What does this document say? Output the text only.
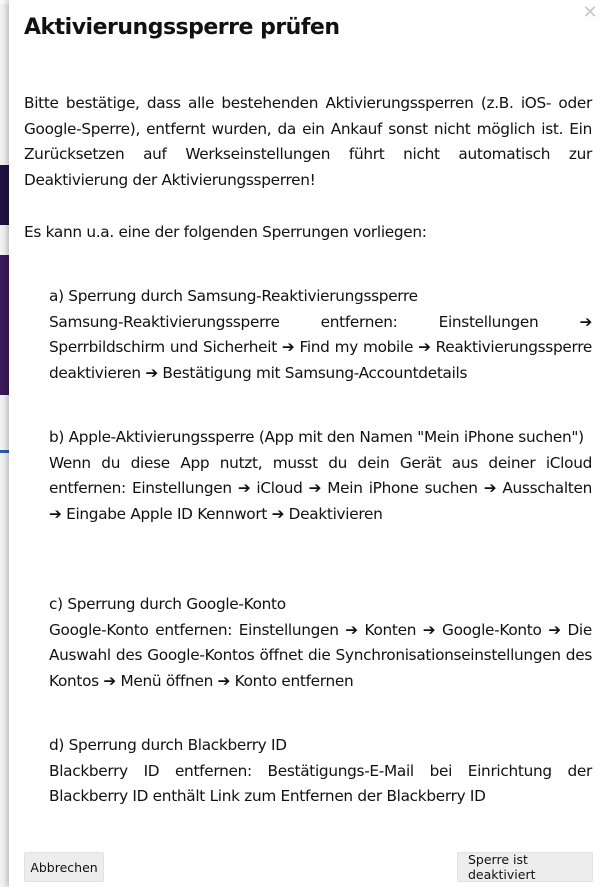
✕
Aktivierungssperre prüfen
Bitte bestätige, dass alle bestehenden Aktivierungssperren (z.B. iOS- oder Google-Sperre), entfernt wurden, da ein Ankauf sonst nicht möglich ist. Ein Zurücksetzen auf Werkseinstellungen führt nicht automatisch zur Deaktivierung der Aktivierungssperren!
Es kann u.a. eine der folgenden Sperrungen vorliegen:

a) Sperrung durch Samsung-Reaktivierungssperre

Samsung-Reaktivierungssperre entfernen: Einstellungen ➔ Sperrbildschirm und Sicherheit ➔ Find my mobile ➔ Reaktivierungssperre deaktivieren ➔ Bestätigung mit Samsung-Accountdetails

b) Apple-Aktivierungssperre (App mit den Namen "Mein iPhone suchen")

Wenn du diese App nutzt, musst du dein Gerät aus deiner iCloud entfernen: Einstellungen ➔ iCloud ➔ Mein iPhone suchen ➔ Ausschalten ➔ Eingabe Apple ID Kennwort ➔ Deaktivieren

c) Sperrung durch Google-Konto

Google-Konto entfernen: Einstellungen ➔ Konten ➔ Google-Konto ➔ Die Auswahl des Google-Kontos öffnet die Synchronisationseinstellungen des Kontos ➔ Menü öffnen ➔ Konto entfernen

d) Sperrung durch Blackberry ID

Blackberry ID entfernen: Bestätigungs-E-Mail bei Einrichtung der Blackberry ID enthält Link zum Entfernen der Blackberry ID

Abbrechen	Sperre ist deaktiviert
